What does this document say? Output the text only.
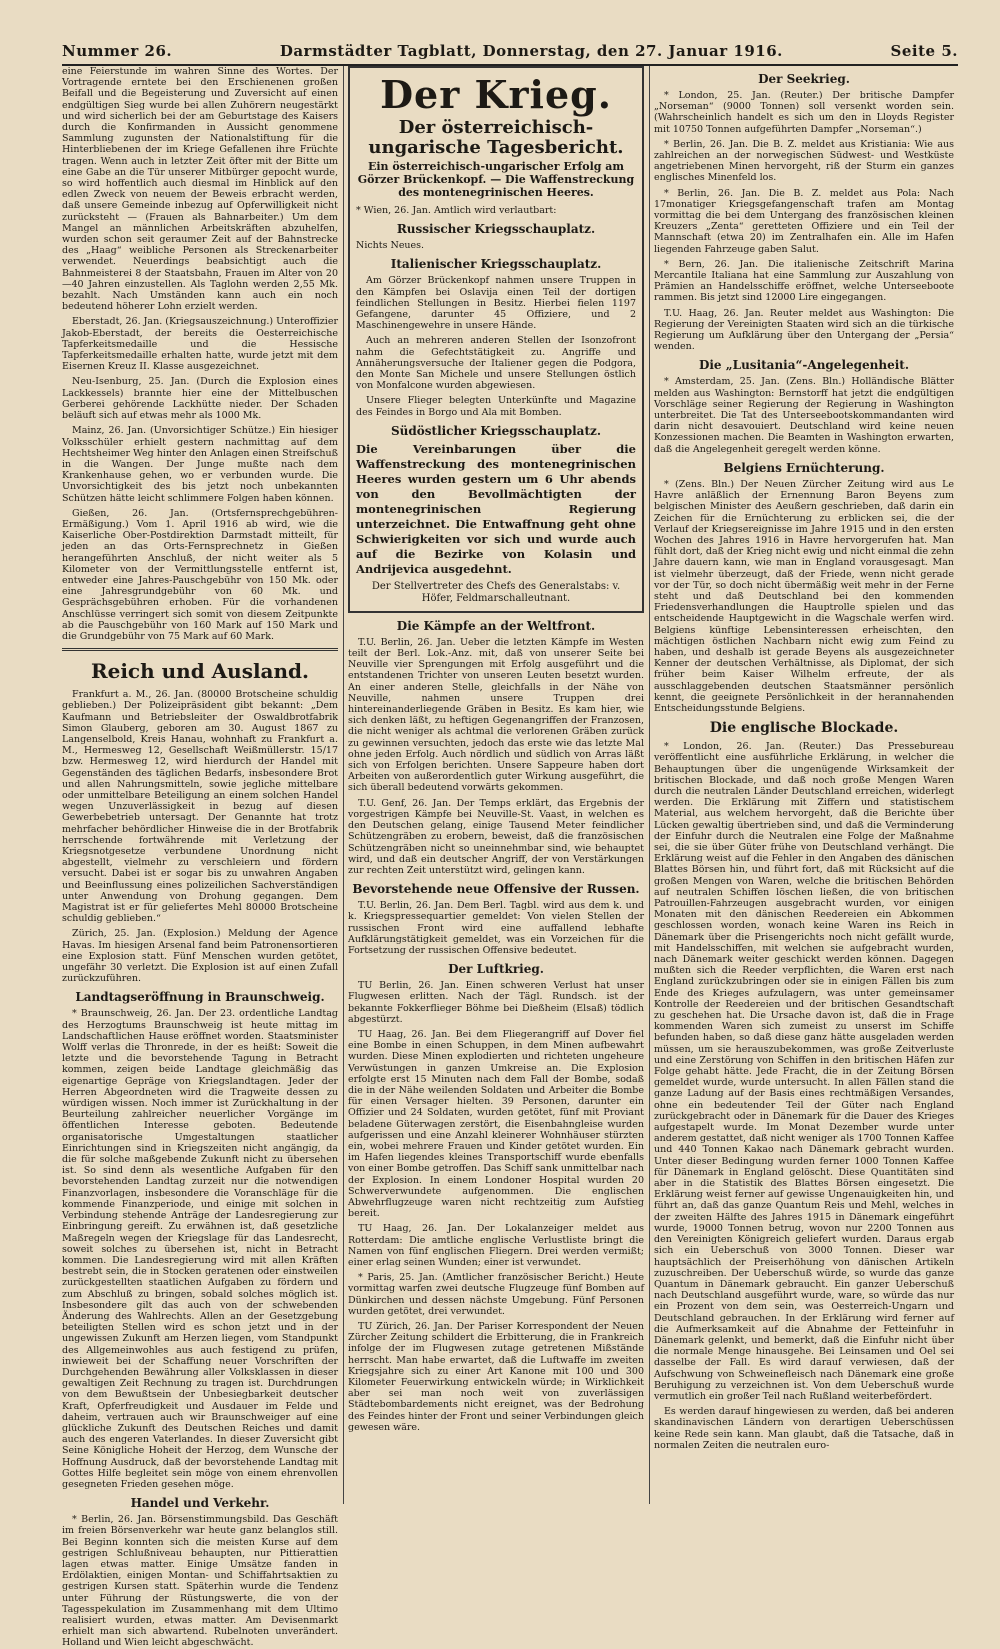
Nummer 26.	Darmstädter Tagblatt, Donnerstag, den 27. Januar 1916.	Seite 5.

eine Feierstunde im wahren Sinne des Wortes. Der Vortragende erntete bei den Erschienenen großen Beifall und die Begeisterung und Zuversicht auf einen endgültigen Sieg wurde bei allen Zuhörern neugestärkt und wird sicherlich bei der am Geburtstage des Kaisers durch die Konfirmanden in Aussicht genommene Sammlung zugunsten der Nationalstiftung für die Hinterbliebenen der im Kriege Gefallenen ihre Früchte tragen. Wenn auch in letzter Zeit öfter mit der Bitte um eine Gabe an die Tür unserer Mitbürger gepocht wurde, so wird hoffentlich auch diesmal im Hinblick auf den edlen Zweck von neuem der Beweis erbracht werden, daß unsere Gemeinde inbezug auf Opferwilligkeit nicht zurücksteht — (Frauen als Bahnarbeiter.) Um dem Mangel an männlichen Arbeitskräften abzuhelfen, wurden schon seit geraumer Zeit auf der Bahnstrecke des „Haag“ weibliche Personen als Streckenarbeiter verwendet. Neuerdings beabsichtigt auch die Bahnmeisterei 8 der Staatsbahn, Frauen im Alter von 20—40 Jahren einzustellen. Als Taglohn werden 2,55 Mk. bezahlt. Nach Umständen kann auch ein noch bedeutend höherer Lohn erzielt werden.

Eberstadt, 26. Jan. (Kriegsauszeichnung.) Unteroffizier Jakob-Eberstadt, der bereits die Oesterreichische Tapferkeitsmedaille und die Hessische Tapferkeitsmedaille erhalten hatte, wurde jetzt mit dem Eisernen Kreuz II. Klasse ausgezeichnet.

Neu-Isenburg, 25. Jan. (Durch die Explosion eines Lackkessels) brannte hier eine der Mittelbuschen Gerberei gehörende Lackhütte nieder. Der Schaden beläuft sich auf etwas mehr als 1000 Mk.

Mainz, 26. Jan. (Unvorsichtiger Schütze.) Ein hiesiger Volksschüler erhielt gestern nachmittag auf dem Hechtsheimer Weg hinter den Anlagen einen Streifschuß in die Wangen. Der Junge mußte nach dem Krankenhause gehen, wo er verbunden wurde. Die Unvorsichtigkeit des bis jetzt noch unbekannten Schützen hätte leicht schlimmere Folgen haben können.

Gießen, 26. Jan. (Ortsfernsprechgebühren-Ermäßigung.) Vom 1. April 1916 ab wird, wie die Kaiserliche Ober-Postdirektion Darmstadt mitteilt, für jeden an das Orts-Fernsprechnetz in Gießen herangeführten Anschluß, der nicht weiter als 5 Kilometer von der Vermittlungsstelle entfernt ist, entweder eine Jahres-Pauschgebühr von 150 Mk. oder eine Jahresgrundgebühr von 60 Mk. und Gesprächsgebühren erhoben. Für die vorhandenen Anschlüsse verringert sich somit von diesem Zeitpunkte ab die Pauschgebühr von 160 Mark auf 150 Mark und die Grundgebühr von 75 Mark auf 60 Mark.

Reich und Ausland.

Frankfurt a. M., 26. Jan. (80000 Brotscheine schuldig geblieben.) Der Polizeipräsident gibt bekannt: „Dem Kaufmann und Betriebsleiter der Oswaldbrotfabrik Simon Glauberg, geboren am 30. August 1867 zu Langenselbold, Kreis Hanau, wohnhaft zu Frankfurt a. M., Hermesweg 12, Gesellschaft Weißmüllerstr. 15/17 bzw. Hermesweg 12, wird hierdurch der Handel mit Gegenständen des täglichen Bedarfs, insbesondere Brot und allen Nahrungsmitteln, sowie jegliche mittelbare oder unmittelbare Beteiligung an einem solchen Handel wegen Unzuverlässigkeit in bezug auf diesen Gewerbebetrieb untersagt. Der Genannte hat trotz mehrfacher behördlicher Hinweise die in der Brotfabrik herrschende fortwährende mit Verletzung der Kriegsnotgesetze verbundene Unordnung nicht abgestellt, vielmehr zu verschleiern und fördern versucht. Dabei ist er sogar bis zu unwahren Angaben und Beeinflussung eines polizeilichen Sachverständigen unter Anwendung von Drohung gegangen. Dem Magistrat ist er für geliefertes Mehl 80000 Brotscheine schuldig geblieben.“

Zürich, 25. Jan. (Explosion.) Meldung der Agence Havas. Im hiesigen Arsenal fand beim Patronensortieren eine Explosion statt. Fünf Menschen wurden getötet, ungefähr 30 verletzt. Die Explosion ist auf einen Zufall zurückzuführen.

Landtagseröffnung in Braunschweig.

* Braunschweig, 26. Jan. Der 23. ordentliche Landtag des Herzogtums Braunschweig ist heute mittag im Landschaftlichen Hause eröffnet worden. Staatsminister Wolff verlas die Thronrede, in der es heißt: Soweit die letzte und die bevorstehende Tagung in Betracht kommen, zeigen beide Landtage gleichmäßig das eigenartige Gepräge von Kriegslandtagen. Jeder der Herren Abgeordneten wird die Tragweite dessen zu würdigen wissen. Noch immer ist Zurückhaltung in der Beurteilung zahlreicher neuerlicher Vorgänge im öffentlichen Interesse geboten. Bedeutende organisatorische Umgestaltungen staatlicher Einrichtungen sind in Kriegszeiten nicht angängig, da die für solche maßgebende Zukunft nicht zu übersehen ist. So sind denn als wesentliche Aufgaben für den bevorstehenden Landtag zurzeit nur die notwendigen Finanzvorlagen, insbesondere die Voranschläge für die kommende Finanzperiode, und einige mit solchen in Verbindung stehende Anträge der Landesregierung zur Einbringung gereift. Zu erwähnen ist, daß gesetzliche Maßregeln wegen der Kriegslage für das Landesrecht, soweit solches zu übersehen ist, nicht in Betracht kommen. Die Landesregierung wird mit allen Kräften bestrebt sein, die in Stocken geratenen oder einstweilen zurückgestellten staatlichen Aufgaben zu fördern und zum Abschluß zu bringen, sobald solches möglich ist. Insbesondere gilt das auch von der schwebenden Änderung des Wahlrechts. Allen an der Gesetzgebung beteiligten Stellen wird es schon jetzt und in der ungewissen Zukunft am Herzen liegen, vom Standpunkt des Allgemeinwohles aus auch festigend zu prüfen, inwieweit bei der Schaffung neuer Vorschriften der Durchgehenden Bewährung aller Volksklassen in dieser gewaltigen Zeit Rechnung zu tragen ist. Durchdrungen von dem Bewußtsein der Unbesiegbarkeit deutscher Kraft, Opferfreudigkeit und Ausdauer im Felde und daheim, vertrauen auch wir Braunschweiger auf eine glückliche Zukunft des Deutschen Reiches und damit auch des engeren Vaterlandes. In dieser Zuversicht gibt Seine Königliche Hoheit der Herzog, dem Wunsche der Hoffnung Ausdruck, daß der bevorstehende Landtag mit Gottes Hilfe begleitet sein möge von einem ehrenvollen gesegneten Frieden gesehen möge.

Handel und Verkehr.

* Berlin, 26. Jan. Börsenstimmungsbild. Das Geschäft im freien Börsenverkehr war heute ganz belanglos still. Bei Beginn konnten sich die meisten Kurse auf dem gestrigen Schlußniveau behaupten, nur Pittierattien lagen etwas matter. Einige Umsätze fanden in Erdölaktien, einigen Montan- und Schiffahrtsaktien zu gestrigen Kursen statt. Späterhin wurde die Tendenz unter Führung der Rüstungswerte, die von der Tagesspekulation im Zusammenhang mit dem Ultimo realisiert wurden, etwas matter. Am Devisenmarkt erhielt man sich abwartend. Rubelnoten unverändert. Holland und Wien leicht abgeschwächt.

Der Krieg.
Der österreichisch-ungarische Tagesbericht.

Ein österreichisch-ungarischer Erfolg am Görzer Brückenkopf. — Die Waffenstreckung des montenegrinischen Heeres.

* Wien, 26. Jan. Amtlich wird verlautbart:

Russischer Kriegsschauplatz.

Nichts Neues.

Italienischer Kriegsschauplatz.

Am Görzer Brückenkopf nahmen unsere Truppen in den Kämpfen bei Oslavija einen Teil der dortigen feindlichen Stellungen in Besitz. Hierbei fielen 1197 Gefangene, darunter 45 Offiziere, und 2 Maschinengewehre in unsere Hände.

Auch an mehreren anderen Stellen der Isonzofront nahm die Gefechtstätigkeit zu. Angriffe und Annäherungsversuche der Italiener gegen die Podgora, den Monte San Michele und unsere Stellungen östlich von Monfalcone wurden abgewiesen.

Unsere Flieger belegten Unterkünfte und Magazine des Feindes in Borgo und Ala mit Bomben.

Südöstlicher Kriegsschauplatz.

Die Vereinbarungen über die Waffenstreckung des montenegrinischen Heeres wurden gestern um 6 Uhr abends von den Bevollmächtigten der montenegrinischen Regierung unterzeichnet. Die Entwaffnung geht ohne Schwierigkeiten vor sich und wurde auch auf die Bezirke von Kolasin und Andrijevica ausgedehnt.

Der Stellvertreter des Chefs des Generalstabs: v. Höfer, Feldmarschalleutnant.

Die Kämpfe an der Weltfront.

T.U. Berlin, 26. Jan. Ueber die letzten Kämpfe im Westen teilt der Berl. Lok.-Anz. mit, daß von unserer Seite bei Neuville vier Sprengungen mit Erfolg ausgeführt und die entstandenen Trichter von unseren Leuten besetzt wurden. An einer anderen Stelle, gleichfalls in der Nähe von Neuville, nahmen unsere Truppen drei hintereinanderliegende Gräben in Besitz. Es kam hier, wie sich denken läßt, zu heftigen Gegenangriffen der Franzosen, die nicht weniger als achtmal die verlorenen Gräben zurück zu gewinnen versuchten, jedoch das erste wie das letzte Mal ohne jeden Erfolg. Auch nördlich und südlich von Arras läßt sich von Erfolgen berichten. Unsere Sappeure haben dort Arbeiten von außerordentlich guter Wirkung ausgeführt, die sich überall bedeutend vorwärts gekommen.

T.U. Genf, 26. Jan. Der Temps erklärt, das Ergebnis der vorgestrigen Kämpfe bei Neuville-St. Vaast, in welchen es den Deutschen gelang, einige Tausend Meter feindlicher Schützengräben zu erobern, beweist, daß die französischen Schützengräben nicht so uneinnehmbar sind, wie behauptet wird, und daß ein deutscher Angriff, der von Verstärkungen zur rechten Zeit unterstützt wird, gelingen kann.

Bevorstehende neue Offensive der Russen.

T.U. Berlin, 26. Jan. Dem Berl. Tagbl. wird aus dem k. und k. Kriegspressequartier gemeldet: Von vielen Stellen der russischen Front wird eine auffallend lebhafte Aufklärungstätigkeit gemeldet, was ein Vorzeichen für die Fortsetzung der russischen Offensive bedeutet.

Der Luftkrieg.

TU Berlin, 26. Jan. Einen schweren Verlust hat unser Flugwesen erlitten. Nach der Tägl. Rundsch. ist der bekannte Fokkerflieger Böhme bei Dießheim (Elsaß) tödlich abgestürzt.

TU Haag, 26. Jan. Bei dem Fliegerangriff auf Dover fiel eine Bombe in einen Schuppen, in dem Minen aufbewahrt wurden. Diese Minen explodierten und richteten ungeheure Verwüstungen in ganzen Umkreise an. Die Explosion erfolgte erst 15 Minuten nach dem Fall der Bombe, sodaß die in der Nähe weilenden Soldaten und Arbeiter die Bombe für einen Versager hielten. 39 Personen, darunter ein Offizier und 24 Soldaten, wurden getötet, fünf mit Proviant beladene Güterwagen zerstört, die Eisenbahngleise wurden aufgerissen und eine Anzahl kleinerer Wohnhäuser stürzten ein, wobei mehrere Frauen und Kinder getötet wurden. Ein im Hafen liegendes kleines Transportschiff wurde ebenfalls von einer Bombe getroffen. Das Schiff sank unmittelbar nach der Explosion. In einem Londoner Hospital wurden 20 Schwerverwundete aufgenommen. Die englischen Abwehrflugzeuge waren nicht rechtzeitig zum Aufstieg bereit.

TU Haag, 26. Jan. Der Lokalanzeiger meldet aus Rotterdam: Die amtliche englische Verlustliste bringt die Namen von fünf englischen Fliegern. Drei werden vermißt; einer erlag seinen Wunden; einer ist verwundet.

* Paris, 25. Jan. (Amtlicher französischer Bericht.) Heute vormittag warfen zwei deutsche Flugzeuge fünf Bomben auf Dünkirchen und dessen nächste Umgebung. Fünf Personen wurden getötet, drei verwundet.

TU Zürich, 26. Jan. Der Pariser Korrespondent der Neuen Zürcher Zeitung schildert die Erbitterung, die in Frankreich infolge der im Flugwesen zutage getretenen Mißstände herrscht. Man habe erwartet, daß die Luftwaffe im zweiten Kriegsjahre sich zu einer Art Kanone mit 100 und 300 Kilometer Feuerwirkung entwickeln würde; in Wirklichkeit aber sei man noch weit von zuverlässigen Städtebombardements nicht ereignet, was der Bedrohung des Feindes hinter der Front und seiner Verbindungen gleich gewesen wäre.

Der Seekrieg.

* London, 25. Jan. (Reuter.) Der britische Dampfer „Norseman“ (9000 Tonnen) soll versenkt worden sein. (Wahrscheinlich handelt es sich um den in Lloyds Register mit 10750 Tonnen aufgeführten Dampfer „Norseman“.)

* Berlin, 26. Jan. Die B. Z. meldet aus Kristiania: Wie aus zahlreichen an der norwegischen Südwest- und Westküste angetriebenen Minen hervorgeht, riß der Sturm ein ganzes englisches Minenfeld los.

* Berlin, 26. Jan. Die B. Z. meldet aus Pola: Nach 17monatiger Kriegsgefangenschaft trafen am Montag vormittag die bei dem Untergang des französischen kleinen Kreuzers „Zenta“ geretteten Offiziere und ein Teil der Mannschaft (etwa 20) im Zentralhafen ein. Alle im Hafen liegenden Fahrzeuge gaben Salut.

* Bern, 26. Jan. Die italienische Zeitschrift Marina Mercantile Italiana hat eine Sammlung zur Auszahlung von Prämien an Handelsschiffe eröffnet, welche Unterseeboote rammen. Bis jetzt sind 12000 Lire eingegangen.

T.U. Haag, 26. Jan. Reuter meldet aus Washington: Die Regierung der Vereinigten Staaten wird sich an die türkische Regierung um Aufklärung über den Untergang der „Persia“ wenden.

Die „Lusitania“-Angelegenheit.

* Amsterdam, 25. Jan. (Zens. Bln.) Holländische Blätter melden aus Washington: Bernstorff hat jetzt die endgültigen Vorschläge seiner Regierung der Regierung in Washington unterbreitet. Die Tat des Unterseebootskommandanten wird darin nicht desavouiert. Deutschland wird keine neuen Konzessionen machen. Die Beamten in Washington erwarten, daß die Angelegenheit geregelt werden könne.

Belgiens Ernüchterung.

* (Zens. Bln.) Der Neuen Zürcher Zeitung wird aus Le Havre anläßlich der Ernennung Baron Beyens zum belgischen Minister des Aeußern geschrieben, daß darin ein Zeichen für die Ernüchterung zu erblicken sei, die der Verlauf der Kriegsereignisse im Jahre 1915 und in den ersten Wochen des Jahres 1916 in Havre hervorgerufen hat. Man fühlt dort, daß der Krieg nicht ewig und nicht einmal die zehn Jahre dauern kann, wie man in England vorausgesagt. Man ist vielmehr überzeugt, daß der Friede, wenn nicht gerade vor der Tür, so doch nicht übermäßig weit mehr in der Ferne steht und daß Deutschland bei den kommenden Friedensverhandlungen die Hauptrolle spielen und das entscheidende Hauptgewicht in die Wagschale werfen wird. Belgiens künftige Lebensinteressen erheischten, den mächtigen östlichen Nachbarn nicht ewig zum Feind zu haben, und deshalb ist gerade Beyens als ausgezeichneter Kenner der deutschen Verhältnisse, als Diplomat, der sich früher beim Kaiser Wilhelm erfreute, der als ausschlaggebenden deutschen Staatsmänner persönlich kennt, die geeignete Persönlichkeit in der herannahenden Entscheidungsstunde Belgiens.

Die englische Blockade.

* London, 26. Jan. (Reuter.) Das Pressebureau veröffentlicht eine ausführliche Erklärung, in welcher die Behauptungen über die ungenügende Wirksamkeit der britischen Blockade, und daß noch große Mengen Waren durch die neutralen Länder Deutschland erreichen, widerlegt werden. Die Erklärung mit Ziffern und statistischem Material, aus welchem hervorgeht, daß die Berichte über Lücken gewaltig übertrieben sind, und daß die Verminderung der Einfuhr durch die Neutralen eine Folge der Maßnahme sei, die sie über Güter frühe von Deutschland verhängt. Die Erklärung weist auf die Fehler in den Angaben des dänischen Blattes Börsen hin, und führt fort, daß mit Rücksicht auf die großen Mengen von Waren, welche die britischen Behörden auf neutralen Schiffen löschen ließen, die von britischen Patrouillen-Fahrzeugen ausgebracht wurden, vor einigen Monaten mit den dänischen Reedereien ein Abkommen geschlossen worden, wonach keine Waren ins Reich in Dänemark über die Prisengerichts noch nicht gefällt wurde, mit Handelsschiffen, mit welchen sie aufgebracht wurden, nach Dänemark weiter geschickt werden können. Dagegen mußten sich die Reeder verpflichten, die Waren erst nach England zurückzubringen oder sie in einigen Fällen bis zum Ende des Krieges aufzulagern, was unter gemeinsamer Kontrolle der Reedereien und der britischen Gesandtschaft zu geschehen hat. Die Ursache davon ist, daß die in Frage kommenden Waren sich zumeist zu unserst im Schiffe befunden haben, so daß diese ganz hätte ausgeladen werden müssen, um sie herauszubekommen, was große Zeitverluste und eine Zerstörung von Schiffen in den britischen Häfen zur Folge gehabt hätte. Jede Fracht, die in der Zeitung Börsen gemeldet wurde, wurde untersucht. In allen Fällen stand die ganze Ladung auf der Basis eines rechtmäßigen Versandes, ohne ein bedeutender Teil der Güter nach England zurückgebracht oder in Dänemark für die Dauer des Krieges aufgestapelt wurde. Im Monat Dezember wurde unter anderem gestattet, daß nicht weniger als 1700 Tonnen Kaffee und 440 Tonnen Kakao nach Dänemark gebracht wurden. Unter dieser Bedingung wurden ferner 1000 Tonnen Kaffee für Dänemark in England gelöscht. Diese Quantitäten sind aber in die Statistik des Blattes Börsen eingesetzt. Die Erklärung weist ferner auf gewisse Ungenauigkeiten hin, und führt an, daß das ganze Quantum Reis und Mehl, welches in der zweiten Hälfte des Jahres 1915 in Dänemark eingeführt wurde, 19000 Tonnen betrug, wovon nur 2200 Tonnen aus den Vereinigten Königreich geliefert wurden. Daraus ergab sich ein Ueberschuß von 3000 Tonnen. Dieser war hauptsächlich der Preiserhöhung von dänischen Artikeln zuzuschreiben. Der Ueberschuß würde, so wurde das ganze Quantum in Dänemark gebraucht. Ein ganzer Ueberschuß nach Deutschland ausgeführt wurde, ware, so würde das nur ein Prozent von dem sein, was Oesterreich-Ungarn und Deutschland gebrauchen. In der Erklärung wird ferner auf die Aufmerksamkeit auf die Abnahme der Fetteinfuhr in Dänemark gelenkt, und bemerkt, daß die Einfuhr nicht über die normale Menge hinausgehe. Bei Leinsamen und Oel sei dasselbe der Fall. Es wird darauf verwiesen, daß der Aufschwung von Schweinefleisch nach Dänemark eine große Beruhigung zu verzeichnen ist. Von dem Ueberschuß wurde vermutlich ein großer Teil nach Rußland weiterbefördert.

Es werden darauf hingewiesen zu werden, daß bei anderen skandinavischen Ländern von derartigen Ueberschüssen keine Rede sein kann. Man glaubt, daß die Tatsache, daß in normalen Zeiten die neutralen euro-
